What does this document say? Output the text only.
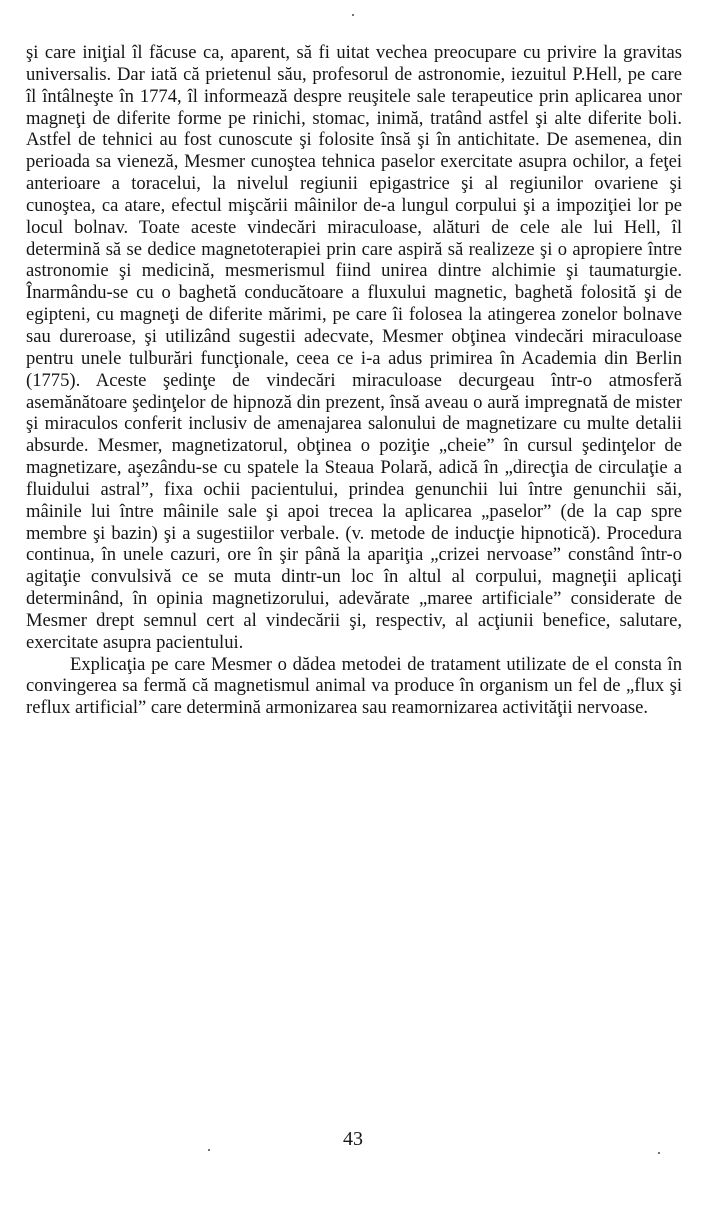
şi care iniţial îl făcuse ca, aparent, să fi uitat vechea preocupare cu privire la gravitas universalis. Dar iată că prietenul său, profesorul de astronomie, iezuitul P.Hell, pe care îl întâlneşte în 1774, îl informează despre reuşitele sale terapeutice prin aplicarea unor magneţi de diferite forme pe rinichi, stomac, inimă, tratând astfel şi alte diferite boli. Astfel de tehnici au fost cunoscute şi folosite însă şi în antichitate. De asemenea, din perioada sa vieneză, Mesmer cunoştea tehnica paselor exercitate asupra ochilor, a feţei anterioare a toracelui, la nivelul regiunii epigastrice şi al regiunilor ovariene şi cunoştea, ca atare, efectul mişcării mâinilor de-a lungul corpului şi a impoziţiei lor pe locul bolnav. Toate aceste vindecări miraculoase, alături de cele ale lui Hell, îl determină să se dedice magnetoterapiei prin care aspiră să realizeze şi o apropiere între astronomie şi medicină, mesmerismul fiind unirea dintre alchimie şi taumaturgie. Înarmându-se cu o baghetă conducătoare a fluxului magnetic, baghetă folosită şi de egipteni, cu magneţi de diferite mărimi, pe care îi folosea la atingerea zonelor bolnave sau dureroase, şi utilizând sugestii adecvate, Mesmer obţinea vindecări miraculoase pentru unele tulburări funcţionale, ceea ce i-a adus primirea în Academia din Berlin (1775). Aceste şedinţe de vindecări miraculoase decurgeau într-o atmosferă asemănătoare şedinţelor de hipnoză din prezent, însă aveau o aură impregnată de mister şi miraculos conferit inclusiv de amenajarea salonului de magnetizare cu multe detalii absurde. Mesmer, magnetizatorul, obţinea o poziţie „cheie” în cursul şedinţelor de magnetizare, aşezându-se cu spatele la Steaua Polară, adică în „direcţia de circulaţie a fluidului astral”, fixa ochii pacientului, prindea genunchii lui între genunchii săi, mâinile lui între mâinile sale şi apoi trecea la aplicarea „paselor” (de la cap spre membre şi bazin) şi a sugestiilor verbale. (v. metode de inducţie hipnotică). Procedura continua, în unele cazuri, ore în şir până la apariţia „crizei nervoase” constând într-o agitaţie convulsivă ce se muta dintr-un loc în altul al corpului, magneţii aplicaţi determinând, în opinia magnetizorului, adevărate „maree artificiale” considerate de Mesmer drept semnul cert al vindecării şi, respectiv, al acţiunii benefice, salutare, exercitate asupra pacientului.

Explicaţia pe care Mesmer o dădea metodei de tratament utilizate de el consta în convingerea sa fermă că magnetismul animal va produce în organism un fel de „flux şi reflux artificial” care determină armonizarea sau reamornizarea activităţii nervoase.

43
